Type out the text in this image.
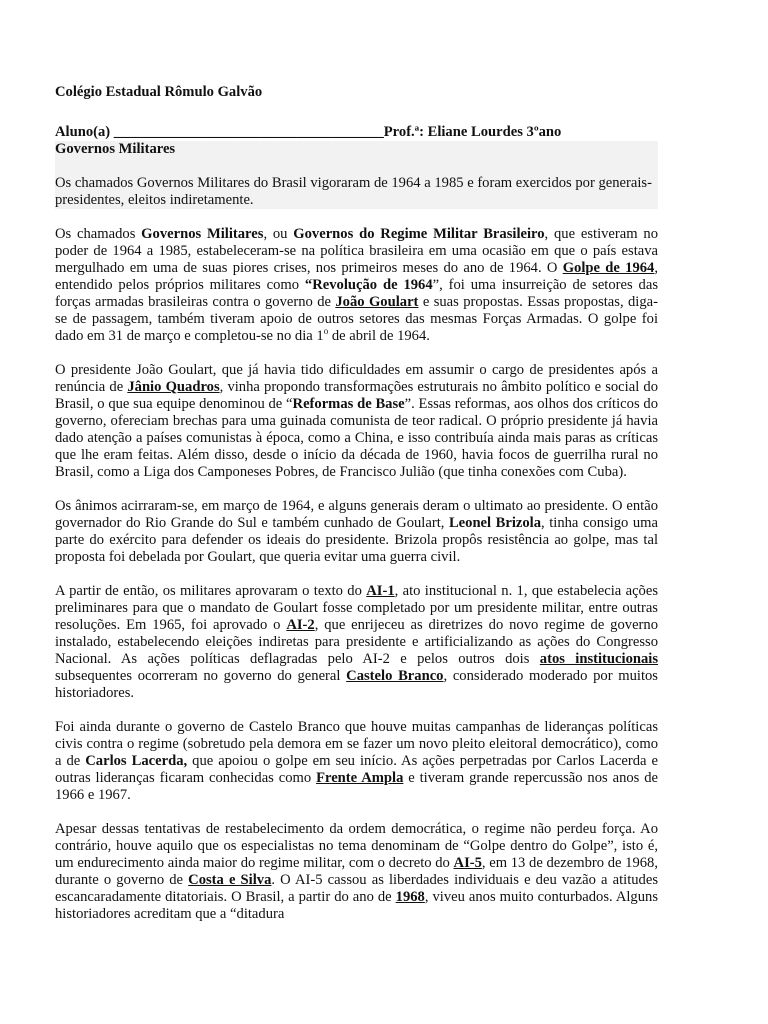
Colégio Estadual Rômulo Galvão

Aluno(a) _____________________________________Prof.ª: Eliane Lourdes 3ºano

Governos Militares

Os chamados Governos Militares do Brasil vigoraram de 1964 a 1985 e foram exercidos por generais-presidentes, eleitos indiretamente.

Os chamados Governos Militares, ou Governos do Regime Militar Brasileiro, que estiveram no poder de 1964 a 1985, estabeleceram-se na política brasileira em uma ocasião em que o país estava mergulhado em uma de suas piores crises, nos primeiros meses do ano de 1964. O Golpe de 1964, entendido pelos próprios militares como “Revolução de 1964”, foi uma insurreição de setores das forças armadas brasileiras contra o governo de João Goulart e suas propostas. Essas propostas, diga-se de passagem, também tiveram apoio de outros setores das mesmas Forças Armadas. O golpe foi dado em 31 de março e completou-se no dia 1$^o$ de abril de 1964.

O presidente João Goulart, que já havia tido dificuldades em assumir o cargo de presidentes após a renúncia de Jânio Quadros, vinha propondo transformações estruturais no âmbito político e social do Brasil, o que sua equipe denominou de “Reformas de Base”. Essas reformas, aos olhos dos críticos do governo, ofereciam brechas para uma guinada comunista de teor radical. O próprio presidente já havia dado atenção a países comunistas à época, como a China, e isso contribuía ainda mais paras as críticas que lhe eram feitas. Além disso, desde o início da década de 1960, havia focos de guerrilha rural no Brasil, como a Liga dos Camponeses Pobres, de Francisco Julião (que tinha conexões com Cuba).

Os ânimos acirraram-se, em março de 1964, e alguns generais deram o ultimato ao presidente. O então governador do Rio Grande do Sul e também cunhado de Goulart, Leonel Brizola, tinha consigo uma parte do exército para defender os ideais do presidente. Brizola propôs resistência ao golpe, mas tal proposta foi debelada por Goulart, que queria evitar uma guerra civil.

A partir de então, os militares aprovaram o texto do AI-1, ato institucional n. 1, que estabelecia ações preliminares para que o mandato de Goulart fosse completado por um presidente militar, entre outras resoluções. Em 1965, foi aprovado o AI-2, que enrijeceu as diretrizes do novo regime de governo instalado, estabelecendo eleições indiretas para presidente e artificializando as ações do Congresso Nacional. As ações políticas deflagradas pelo AI-2 e pelos outros dois atos institucionais subsequentes ocorreram no governo do general Castelo Branco, considerado moderado por muitos historiadores.

Foi ainda durante o governo de Castelo Branco que houve muitas campanhas de lideranças políticas civis contra o regime (sobretudo pela demora em se fazer um novo pleito eleitoral democrático), como a de Carlos Lacerda, que apoiou o golpe em seu início. As ações perpetradas por Carlos Lacerda e outras lideranças ficaram conhecidas como Frente Ampla e tiveram grande repercussão nos anos de 1966 e 1967.

Apesar dessas tentativas de restabelecimento da ordem democrática, o regime não perdeu força. Ao contrário, houve aquilo que os especialistas no tema denominam de “Golpe dentro do Golpe”, isto é, um endurecimento ainda maior do regime militar, com o decreto do AI-5, em 13 de dezembro de 1968, durante o governo de Costa e Silva. O AI-5 cassou as liberdades individuais e deu vazão a atitudes escancaradamente ditatoriais. O Brasil, a partir do ano de 1968, viveu anos muito conturbados. Alguns historiadores acreditam que a “ditadura
